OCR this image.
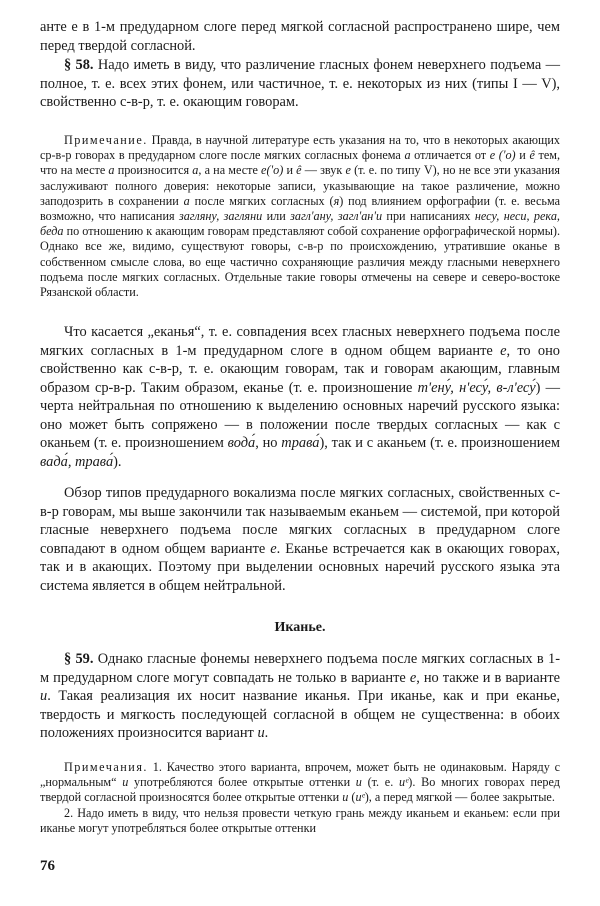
анте е в 1-м предударном слоге перед мягкой согласной распространено шире, чем перед твердой согласной.

§ 58. Надо иметь в виду, что различение гласных фонем неверхнего подъема — полное, т. е. всех этих фонем, или частичное, т. е. некоторых из них (типы I — V), свойственно с-в-р, т. е. окающим говорам.

Примечание. Правда, в научной литературе есть указания на то, что в некоторых акающих ср-в-р говорах в предударном слоге после мягких согласных фонема а отличается от е ('о) и ê тем, что на месте а произносится а, а на месте е('о) и ê — звук е (т. е. по типу V), но не все эти указания заслуживают полного доверия: некоторые записи, указывающие на такое различение, можно заподозрить в сохранении а после мягких согласных (я) под влиянием орфографии (т. е. весьма возможно, что написания загляну, загляни или загл'ану, загл'ан'и при написаниях несу, неси, река, беда по отношению к акающим говорам представляют собой сохранение орфографической нормы). Однако все же, видимо, существуют говоры, с-в-р по происхождению, утратившие оканье в собственном смысле слова, во еще частично сохраняющие различия между гласными неверхнего подъема после мягких согласных. Отдельные такие говоры отмечены на севере и северо-востоке Рязанской области.

Что касается „еканья“, т. е. совпадения всех гласных неверхнего подъема после мягких согласных в 1-м предударном слоге в одном общем варианте е, то оно свойственно как с-в-р, т. е. окающим говорам, так и говорам акающим, главным образом ср-в-р. Таким образом, еканье (т. е. произношение т'ену́, н'есу́, в-л'есу́) — черта нейтральная по отношению к выделению основных наречий русского языка: оно может быть сопряжено — в положении после твердых согласных — как с оканьем (т. е. произношением вода́, но трава́), так и с аканьем (т. е. произношением вада́, трава́).

Обзор типов предударного вокализма после мягких согласных, свойственных с-в-р говорам, мы выше закончили так называемым еканьем — системой, при которой гласные неверхнего подъема после мягких согласных в предударном слоге совпадают в одном общем варианте е. Еканье встречается как в окающих говорах, так и в акающих. Поэтому при выделении основных наречий русского языка эта система является в общем нейтральной.

Иканье.

§ 59. Однако гласные фонемы неверхнего подъема после мягких согласных в 1-м предударном слоге могут совпадать не только в варианте е, но также и в варианте и. Такая реализация их носит название иканья. При иканье, как и при еканье, твердость и мягкость последующей согласной в общем не существенна: в обоих положениях произносится вариант и.

Примечания. 1. Качество этого варианта, впрочем, может быть не одинаковым. Наряду с „нормальным“ и употребляются более открытые оттенки и (т. е. иᵉ). Во многих говорах перед твердой согласной произносятся более открытые оттенки и (иᵉ), а перед мягкой — более закрытые.

2. Надо иметь в виду, что нельзя провести четкую грань между иканьем и еканьем: если при иканье могут употребляться более открытые оттенки

76
